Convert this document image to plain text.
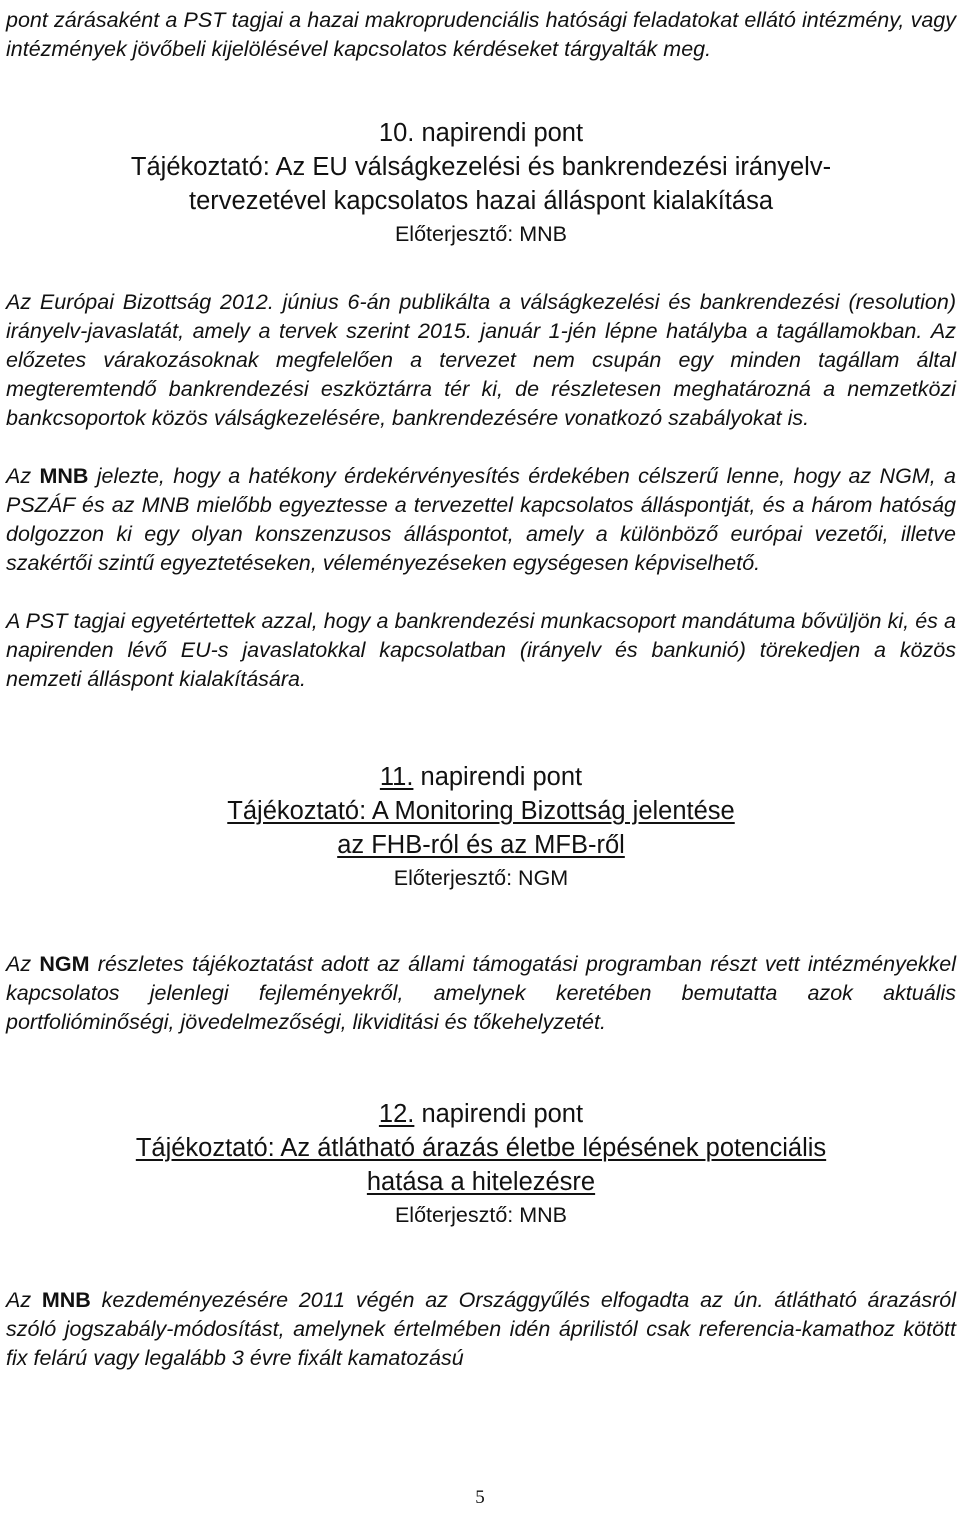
pont zárásaként a PST tagjai a hazai makroprudenciális hatósági feladatokat ellátó intézmény, vagy intézmények jövőbeli kijelölésével kapcsolatos kérdéseket tárgyalták meg.

10. napirendi pont
Tájékoztató: Az EU válságkezelési és bankrendezési irányelv-
tervezetével kapcsolatos hazai álláspont kialakítása
Előterjesztő: MNB

Az Európai Bizottság 2012. június 6-án publikálta a válságkezelési és bankrendezési (resolution) irányelv-javaslatát, amely a tervek szerint 2015. január 1-jén lépne hatályba a tagállamokban. Az előzetes várakozásoknak megfelelően a tervezet nem csupán egy minden tagállam által megteremtendő bankrendezési eszköztárra tér ki, de részletesen meghatározná a nemzetközi bankcsoportok közös válságkezelésére, bankrendezésére vonatkozó szabályokat is.

Az MNB jelezte, hogy a hatékony érdekérvényesítés érdekében célszerű lenne, hogy az NGM, a PSZÁF és az MNB mielőbb egyeztesse a tervezettel kapcsolatos álláspontját, és a három hatóság dolgozzon ki egy olyan konszenzusos álláspontot, amely a különböző európai vezetői, illetve szakértői szintű egyeztetéseken, véleményezéseken egységesen képviselhető.

A PST tagjai egyetértettek azzal, hogy a bankrendezési munkacsoport mandátuma bővüljön ki, és a napirenden lévő EU-s javaslatokkal kapcsolatban (irányelv és bankunió) törekedjen a közös nemzeti álláspont kialakítására.

11. napirendi pont
Tájékoztató: A Monitoring Bizottság jelentése
az FHB-ról és az MFB-ről
Előterjesztő: NGM

Az NGM részletes tájékoztatást adott az állami támogatási programban részt vett intézményekkel kapcsolatos jelenlegi fejleményekről, amelynek keretében bemutatta azok aktuális portfolióminőségi, jövedelmezőségi, likviditási és tőkehelyzetét.

12. napirendi pont
Tájékoztató: Az átlátható árazás életbe lépésének potenciális
hatása a hitelezésre
Előterjesztő: MNB

Az MNB kezdeményezésére 2011 végén az Országgyűlés elfogadta az ún. átlátható árazásról szóló jogszabály-módosítást, amelynek értelmében idén áprilistól csak referencia-kamathoz kötött fix felárú vagy legalább 3 évre fixált kamatozású

5
